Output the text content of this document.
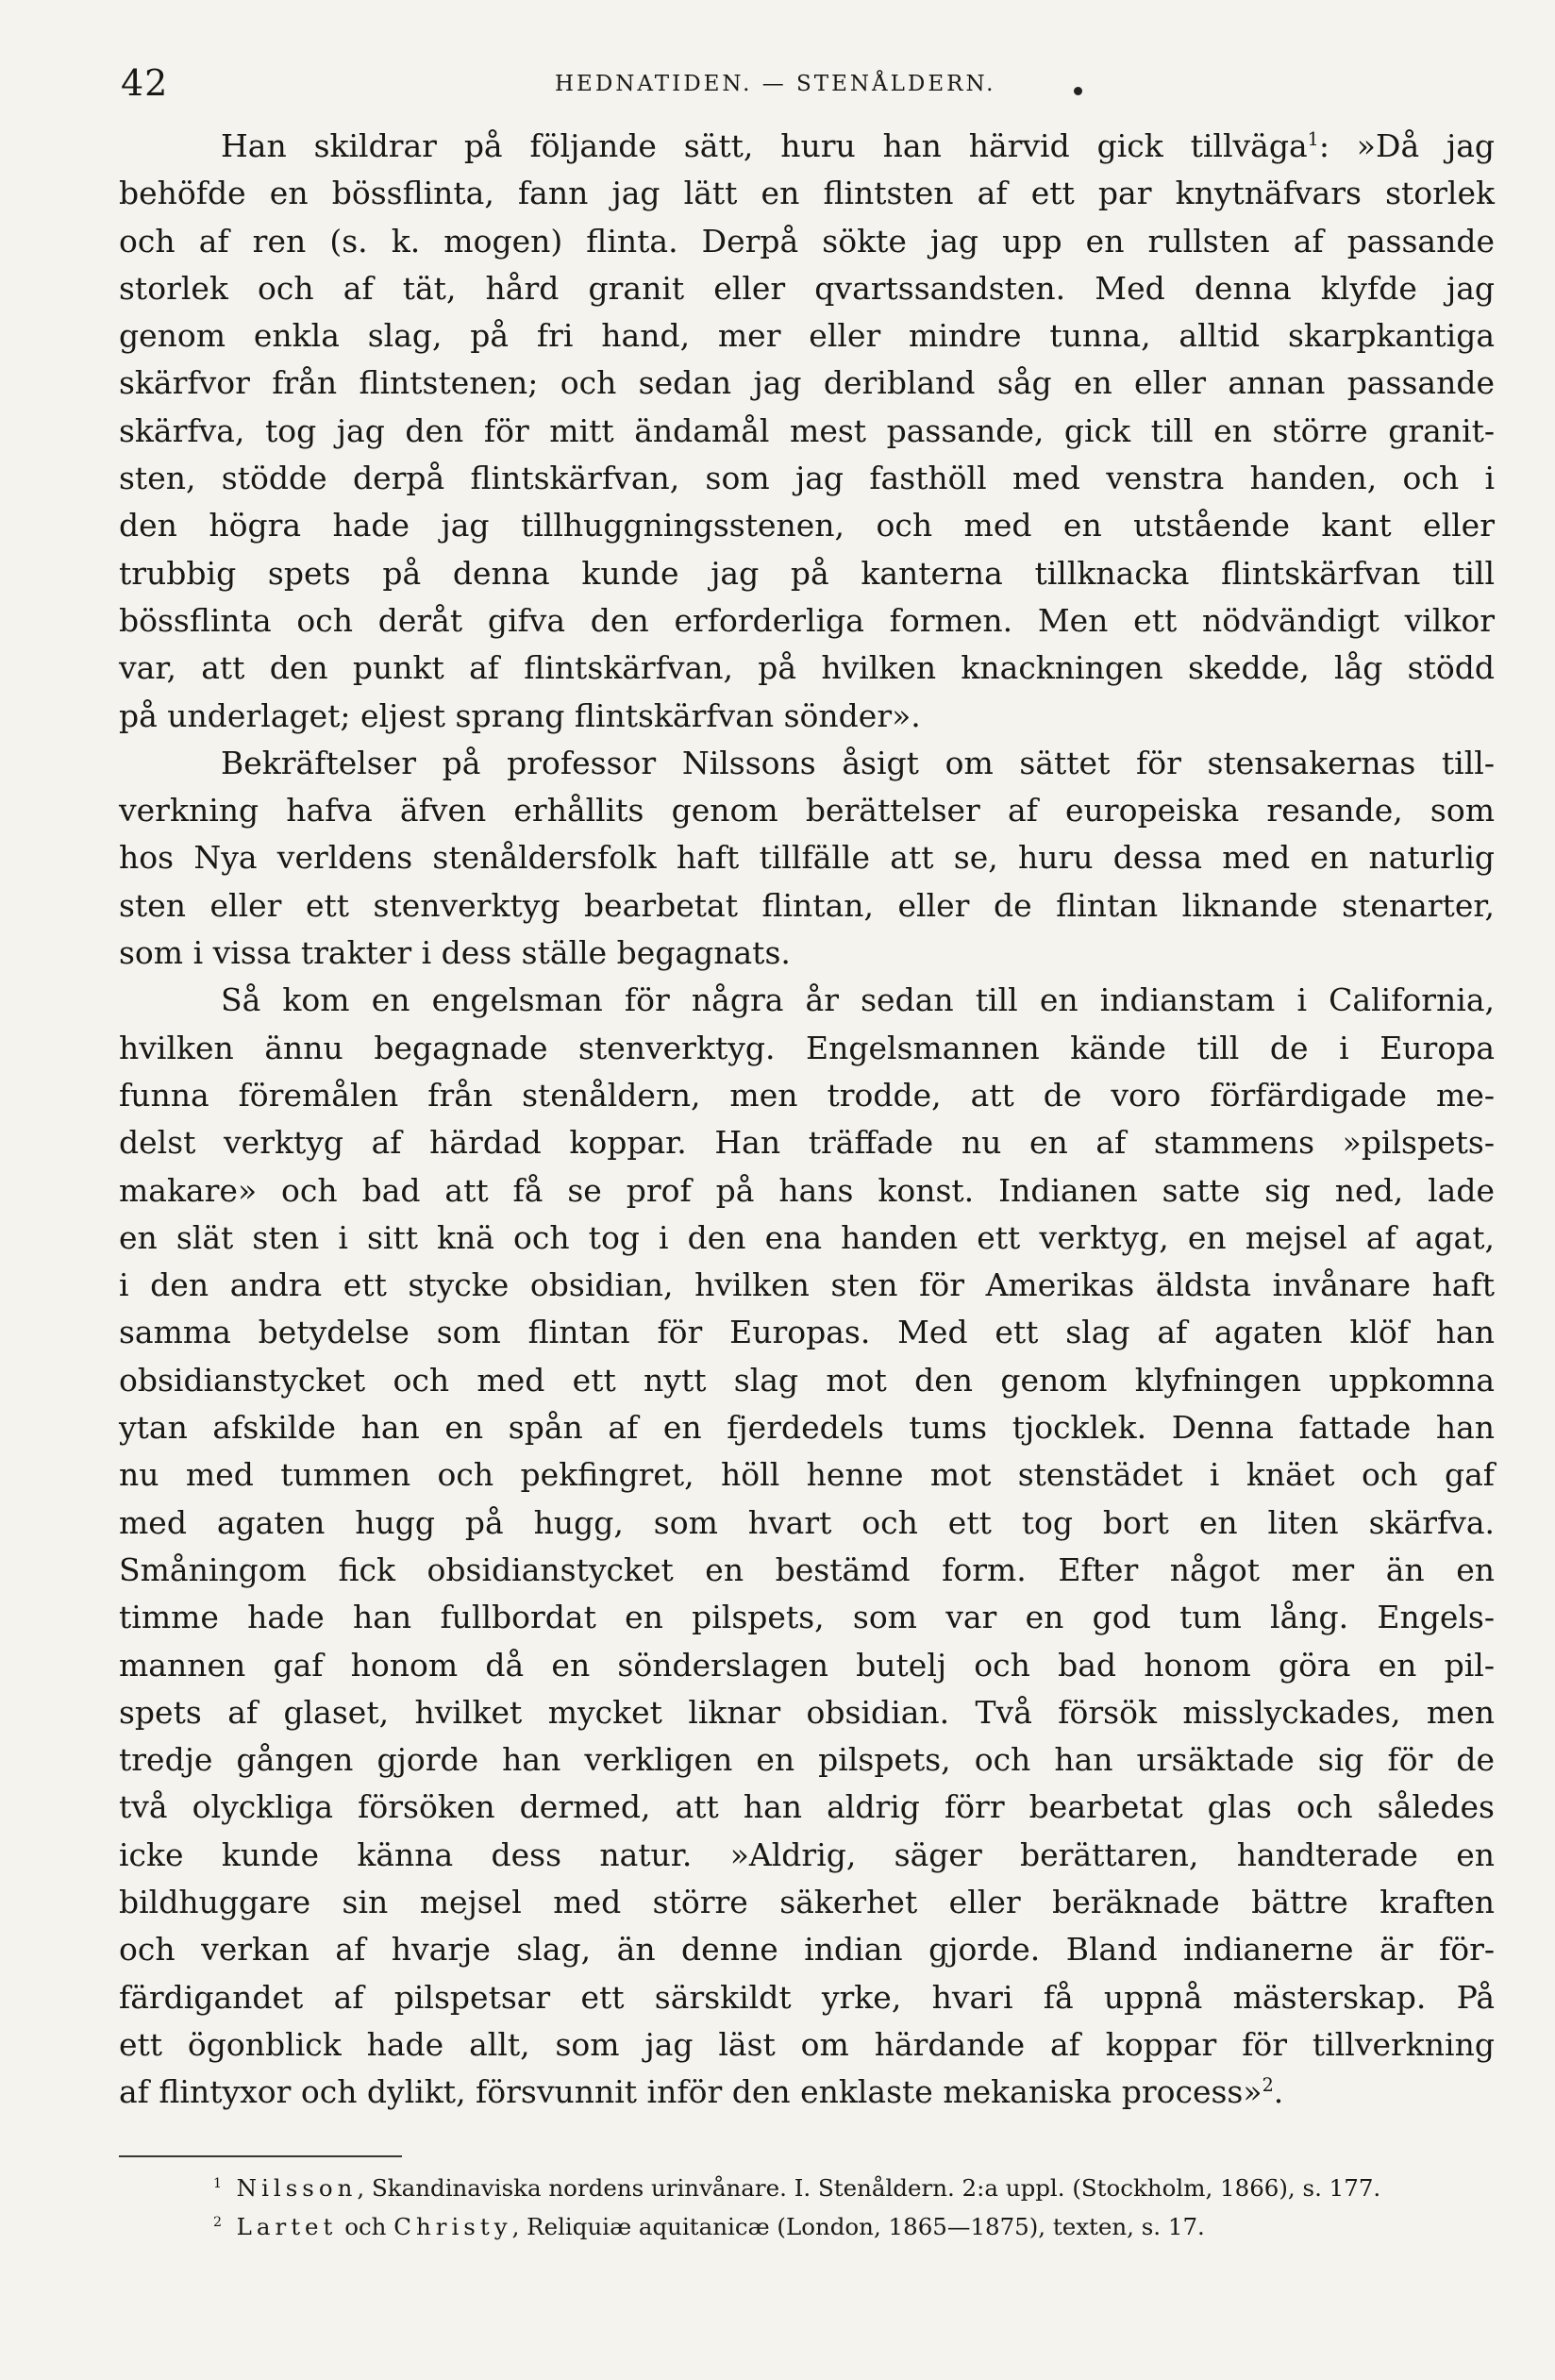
42	HEDNATIDEN. — STENÅLDERN.
Han skildrar på följande sätt, huru han härvid gick tillväga$^1$: »Då jag
behöfde en bössflinta, fann jag lätt en flintsten af ett par knytnäfvars storlek
och af ren (s. k. mogen) flinta. Derpå sökte jag upp en rullsten af passande
storlek och af tät, hård granit eller qvartssandsten. Med denna klyfde jag
genom enkla slag, på fri hand, mer eller mindre tunna, alltid skarpkantiga
skärfvor från flintstenen; och sedan jag deribland såg en eller annan passande
skärfva, tog jag den för mitt ändamål mest passande, gick till en större granit-
sten, stödde derpå flintskärfvan, som jag fasthöll med venstra handen, och i
den högra hade jag tillhuggningsstenen, och med en utstående kant eller
trubbig spets på denna kunde jag på kanterna tillknacka flintskärfvan till
bössflinta och deråt gifva den erforderliga formen. Men ett nödvändigt vilkor
var, att den punkt af flintskärfvan, på hvilken knackningen skedde, låg stödd
på underlaget; eljest sprang flintskärfvan sönder».
Bekräftelser på professor Nilssons åsigt om sättet för stensakernas till-
verkning hafva äfven erhållits genom berättelser af europeiska resande, som
hos Nya verldens stenåldersfolk haft tillfälle att se, huru dessa med en naturlig
sten eller ett stenverktyg bearbetat flintan, eller de flintan liknande stenarter,
som i vissa trakter i dess ställe begagnats.
Så kom en engelsman för några år sedan till en indianstam i California,
hvilken ännu begagnade stenverktyg. Engelsmannen kände till de i Europa
funna föremålen från stenåldern, men trodde, att de voro förfärdigade me-
delst verktyg af härdad koppar. Han träffade nu en af stammens »pilspets-
makare» och bad att få se prof på hans konst. Indianen satte sig ned, lade
en slät sten i sitt knä och tog i den ena handen ett verktyg, en mejsel af agat,
i den andra ett stycke obsidian, hvilken sten för Amerikas äldsta invånare haft
samma betydelse som flintan för Europas. Med ett slag af agaten klöf han
obsidianstycket och med ett nytt slag mot den genom klyfningen uppkomna
ytan afskilde han en spån af en fjerdedels tums tjocklek. Denna fattade han
nu med tummen och pekfingret, höll henne mot stenstädet i knäet och gaf
med agaten hugg på hugg, som hvart och ett tog bort en liten skärfva.
Småningom fick obsidianstycket en bestämd form. Efter något mer än en
timme hade han fullbordat en pilspets, som var en god tum lång. Engels-
mannen gaf honom då en sönderslagen butelj och bad honom göra en pil-
spets af glaset, hvilket mycket liknar obsidian. Två försök misslyckades, men
tredje gången gjorde han verkligen en pilspets, och han ursäktade sig för de
två olyckliga försöken dermed, att han aldrig förr bearbetat glas och således
icke kunde känna dess natur. »Aldrig, säger berättaren, handterade en
bildhuggare sin mejsel med större säkerhet eller beräknade bättre kraften
och verkan af hvarje slag, än denne indian gjorde. Bland indianerne är för-
färdigandet af pilspetsar ett särskildt yrke, hvari få uppnå mästerskap. På
ett ögonblick hade allt, som jag läst om härdande af koppar för tillverkning
af flintyxor och dylikt, försvunnit inför den enklaste mekaniska process»$^2$.
$^1$ Nilsson, Skandinaviska nordens urinvånare. I. Stenåldern. 2:a uppl. (Stockholm, 1866), s. 177.
$^2$ Lartet och Christy, Reliquiæ aquitanicæ (London, 1865—1875), texten, s. 17.
